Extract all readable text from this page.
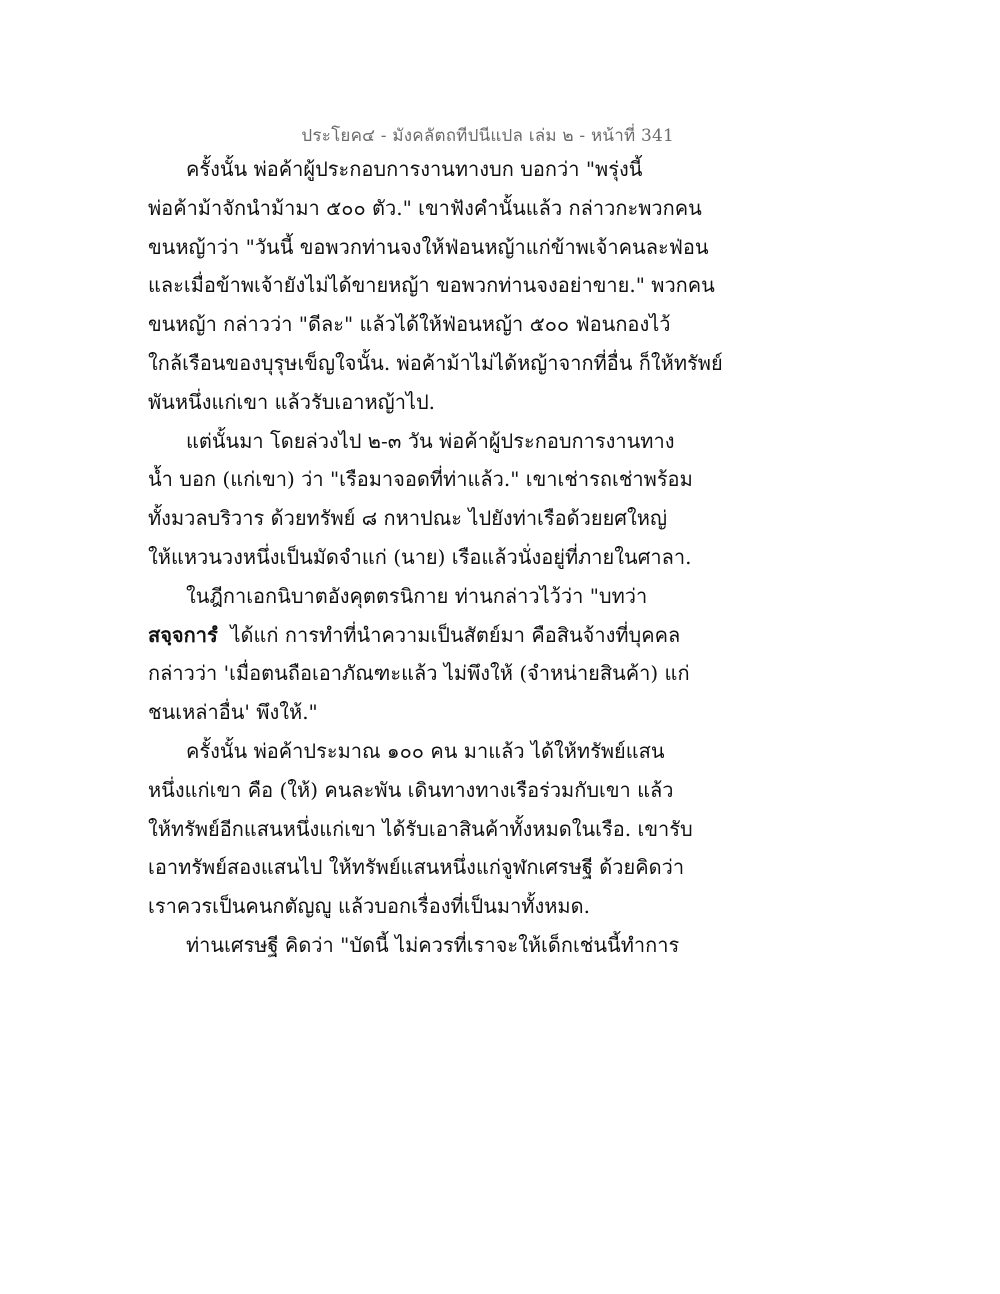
ประโยค๔ - มังคลัตถทีปนีแปล เล่ม ๒ - หน้าที่ 341
ครั้งนั้น พ่อค้าผู้ประกอบการงานทางบก บอกว่า "พรุ่งนี้
พ่อค้าม้าจักนำม้ามา ๕๐๐ ตัว." เขาฟังคำนั้นแล้ว กล่าวกะพวกคน
ขนหญ้าว่า "วันนี้ ขอพวกท่านจงให้ฟ่อนหญ้าแก่ข้าพเจ้าคนละฟ่อน
และเมื่อข้าพเจ้ายังไม่ได้ขายหญ้า ขอพวกท่านจงอย่าขาย." พวกคน
ขนหญ้า กล่าวว่า "ดีละ" แล้วได้ให้ฟ่อนหญ้า ๕๐๐ ฟ่อนกองไว้
ใกล้เรือนของบุรุษเข็ญใจนั้น. พ่อค้าม้าไม่ได้หญ้าจากที่อื่น ก็ให้ทรัพย์
พันหนึ่งแก่เขา แล้วรับเอาหญ้าไป.
แต่นั้นมา โดยล่วงไป ๒-๓ วัน พ่อค้าผู้ประกอบการงานทาง
น้ำ บอก (แก่เขา) ว่า "เรือมาจอดที่ท่าแล้ว." เขาเช่ารถเช่าพร้อม
ทั้งมวลบริวาร ด้วยทรัพย์ ๘ กหาปณะ ไปยังท่าเรือด้วยยศใหญ่
ให้แหวนวงหนึ่งเป็นมัดจำแก่ (นาย) เรือแล้วนั่งอยู่ที่ภายในศาลา.
ในฎีกาเอกนิบาตอังคุตตรนิกาย ท่านกล่าวไว้ว่า "บทว่า
สจฺจการํ ได้แก่ การทำที่นำความเป็นสัตย์มา คือสินจ้างที่บุคคล
กล่าวว่า 'เมื่อตนถือเอาภัณฑะแล้ว ไม่พึงให้ (จำหน่ายสินค้า) แก่
ชนเหล่าอื่น' พึงให้."
ครั้งนั้น พ่อค้าประมาณ ๑๐๐ คน มาแล้ว ได้ให้ทรัพย์แสน
หนึ่งแก่เขา คือ (ให้) คนละพัน เดินทางทางเรือร่วมกับเขา แล้ว
ให้ทรัพย์อีกแสนหนึ่งแก่เขา ได้รับเอาสินค้าทั้งหมดในเรือ. เขารับ
เอาทรัพย์สองแสนไป ให้ทรัพย์แสนหนึ่งแก่จูฬกเศรษฐี ด้วยคิดว่า
เราควรเป็นคนกตัญญู แล้วบอกเรื่องที่เป็นมาทั้งหมด.
ท่านเศรษฐี คิดว่า "บัดนี้ ไม่ควรที่เราจะให้เด็กเช่นนี้ทำการ
